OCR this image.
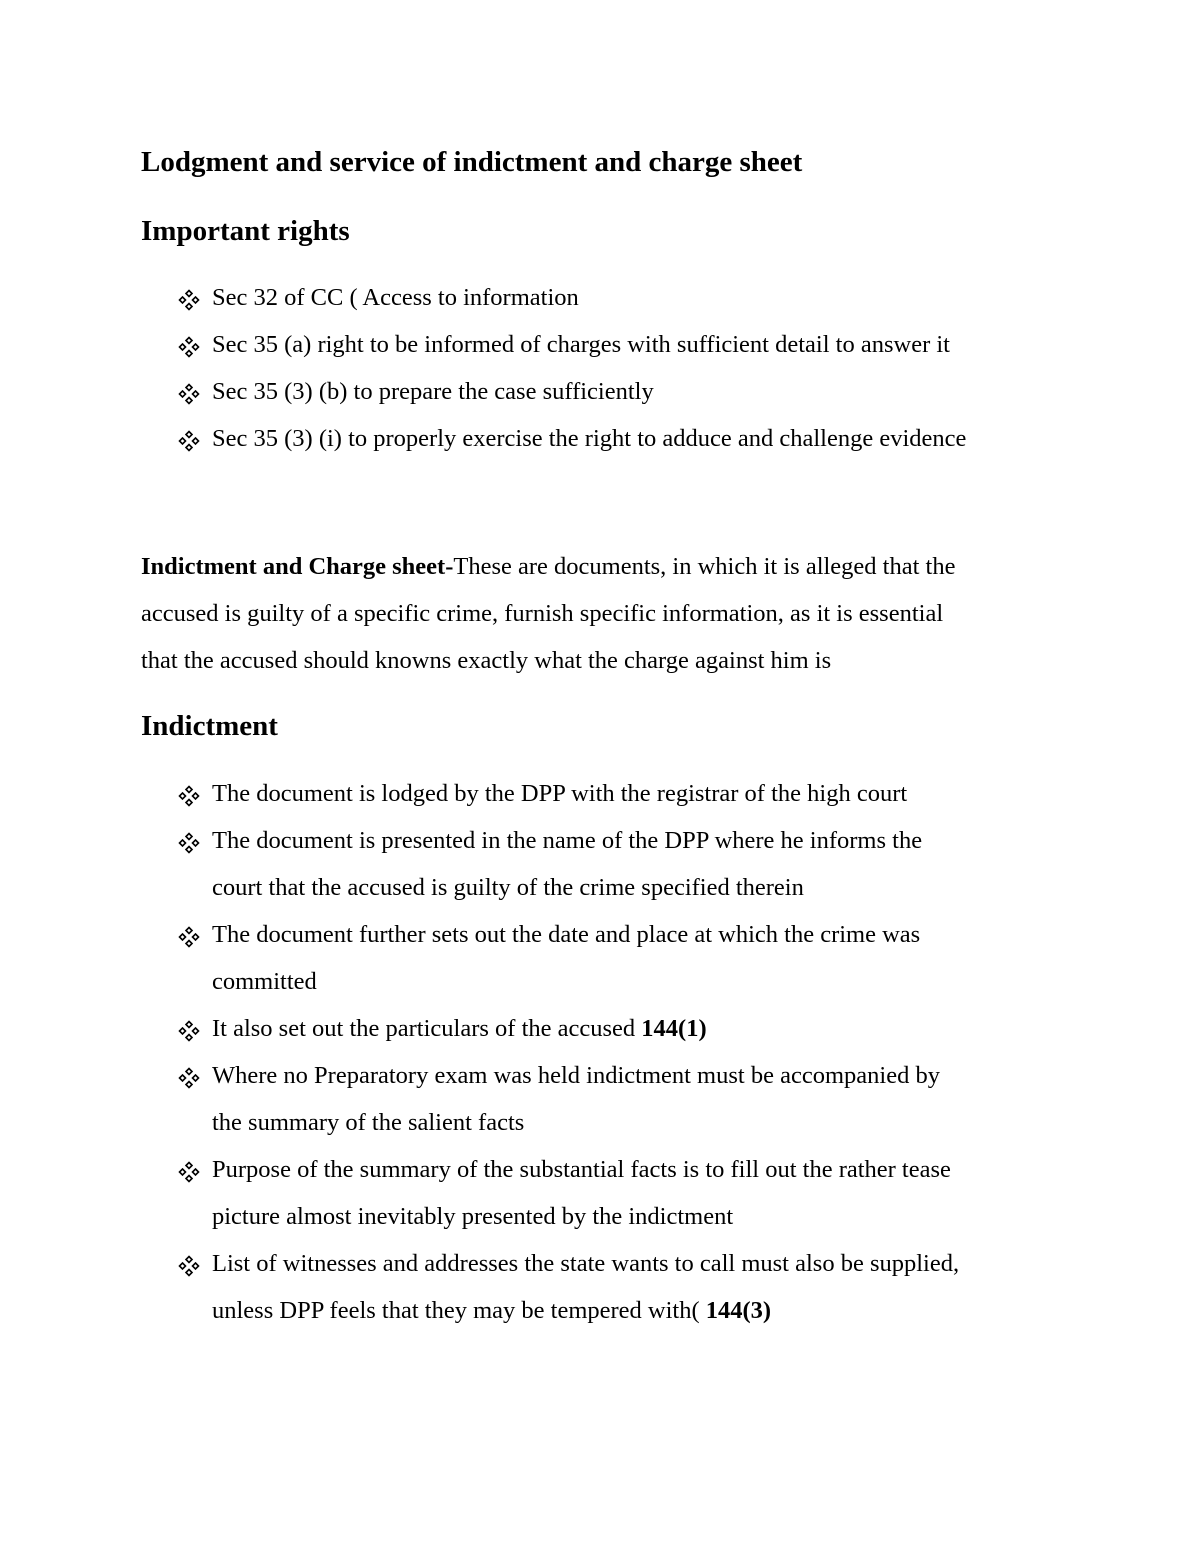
Lodgment and service of indictment and charge sheet
Important rights
Sec 32 of CC ( Access to information
Sec 35 (a) right to be informed of charges with sufficient detail to answer it
Sec 35 (3) (b) to prepare the case sufficiently
Sec 35 (3) (i) to properly exercise the right to adduce and challenge evidence

Indictment and Charge sheet-These are documents, in which it is alleged that the
accused is guilty of a specific crime, furnish specific information, as it is essential
that the accused should knowns exactly what the charge against him is

Indictment
The document is lodged by the DPP with the registrar of the high court
The document is presented in the name of the DPP where he informs the
court that the accused is guilty of the crime specified therein
The document further sets out the date and place at which the crime was
committed
It also set out the particulars of the accused 144(1)
Where no Preparatory exam was held indictment must be accompanied by
the summary of the salient facts
Purpose of the summary of the substantial facts is to fill out the rather tease
picture almost inevitably presented by the indictment
List of witnesses and addresses the state wants to call must also be supplied,
unless DPP feels that they may be tempered with( 144(3)
